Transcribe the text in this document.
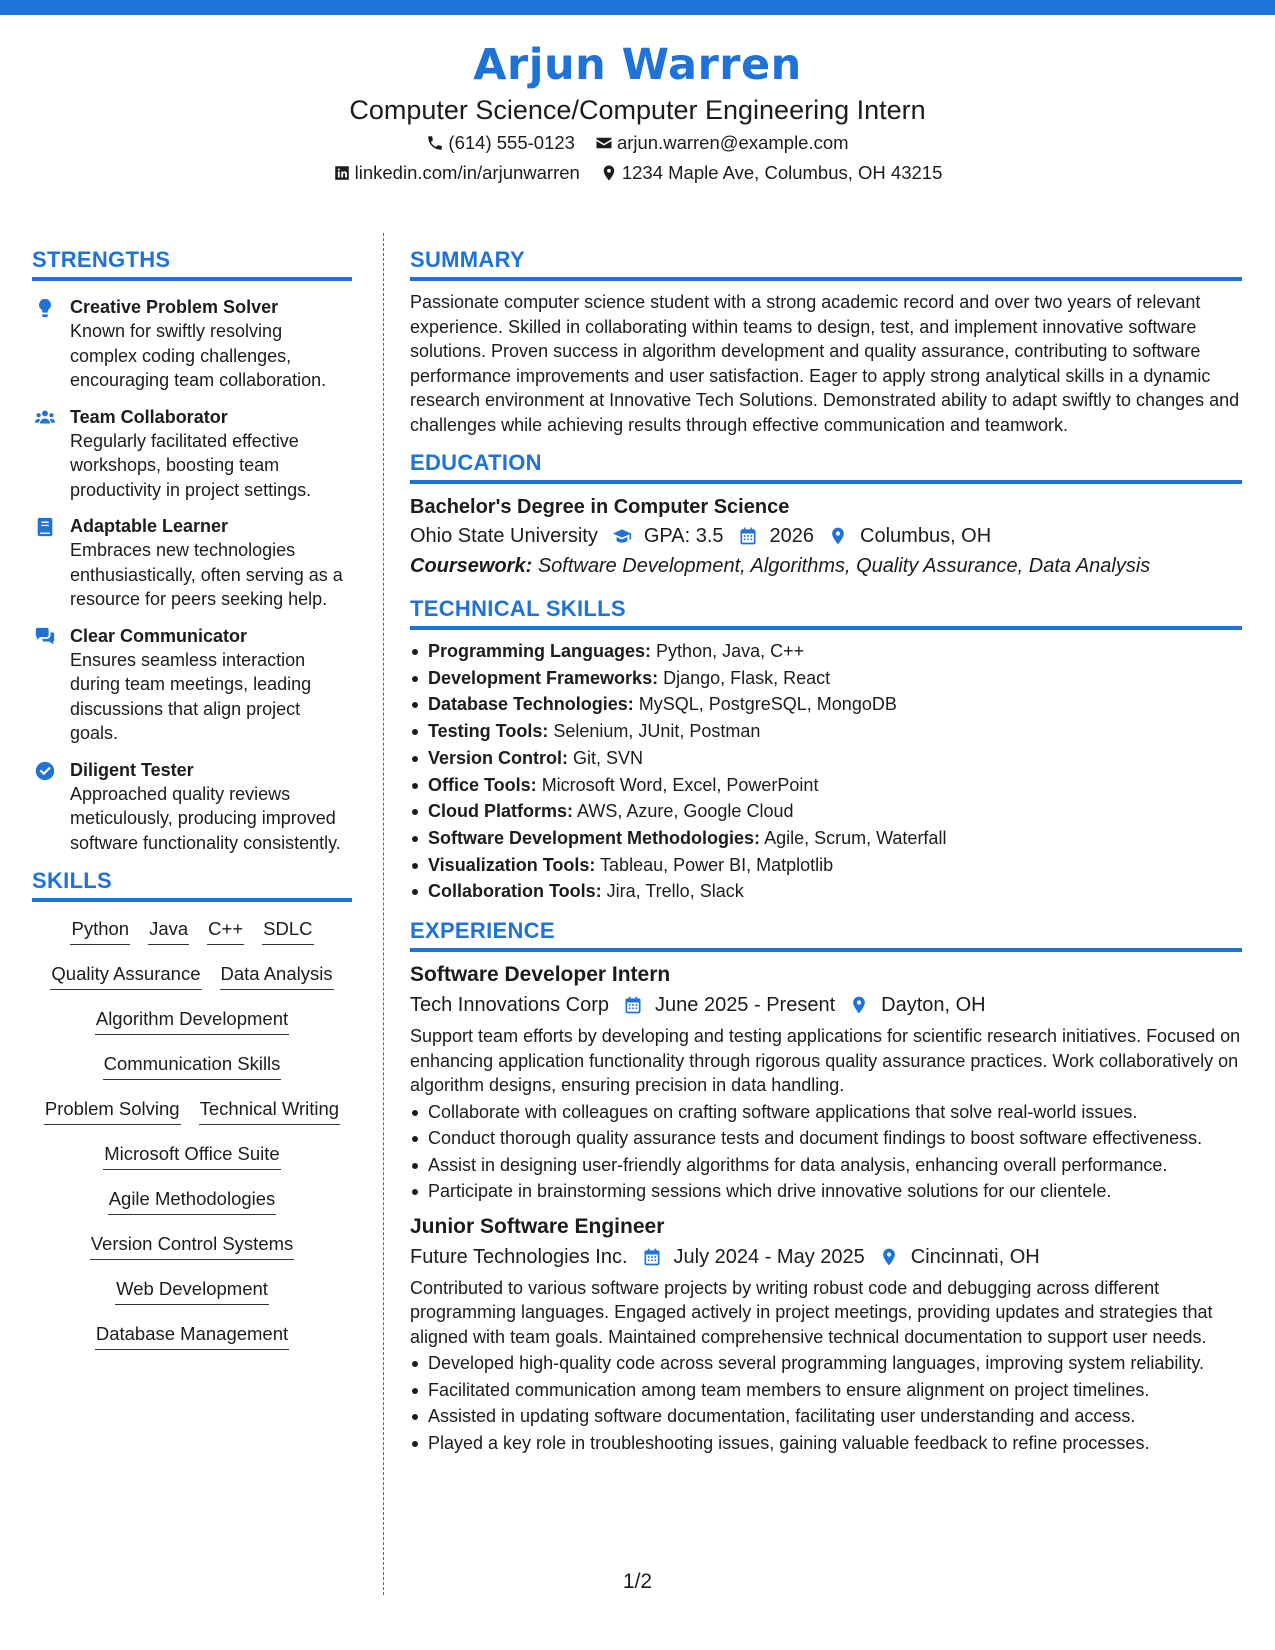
Arjun Warren
Computer Science/Computer Engineering Intern
(614) 555-0123 arjun.warren@example.com
linkedin.com/in/arjunwarren 1234 Maple Ave, Columbus, OH 43215
STRENGTHS
Creative Problem Solver
Known for swiftly resolving complex coding challenges, encouraging team collaboration.
Team Collaborator
Regularly facilitated effective workshops, boosting team productivity in project settings.
Adaptable Learner
Embraces new technologies enthusiastically, often serving as a resource for peers seeking help.
Clear Communicator
Ensures seamless interaction during team meetings, leading discussions that align project goals.
Diligent Tester
Approached quality reviews meticulously, producing improved software functionality consistently.
SKILLS
Python Java C++ SDLC
Quality Assurance Data Analysis
Algorithm Development
Communication Skills
Problem Solving Technical Writing
Microsoft Office Suite
Agile Methodologies
Version Control Systems
Web Development
Database Management
SUMMARY
Passionate computer science student with a strong academic record and over two years of relevant experience. Skilled in collaborating within teams to design, test, and implement innovative software solutions. Proven success in algorithm development and quality assurance, contributing to software performance improvements and user satisfaction. Eager to apply strong analytical skills in a dynamic research environment at Innovative Tech Solutions. Demonstrated ability to adapt swiftly to changes and challenges while achieving results through effective communication and teamwork.
EDUCATION
Bachelor's Degree in Computer Science
Ohio State University GPA: 3.5 2026 Columbus, OH
Coursework: Software Development, Algorithms, Quality Assurance, Data Analysis
TECHNICAL SKILLS
Programming Languages: Python, Java, C++
Development Frameworks: Django, Flask, React
Database Technologies: MySQL, PostgreSQL, MongoDB
Testing Tools: Selenium, JUnit, Postman
Version Control: Git, SVN
Office Tools: Microsoft Word, Excel, PowerPoint
Cloud Platforms: AWS, Azure, Google Cloud
Software Development Methodologies: Agile, Scrum, Waterfall
Visualization Tools: Tableau, Power BI, Matplotlib
Collaboration Tools: Jira, Trello, Slack
EXPERIENCE
Software Developer Intern
Tech Innovations Corp June 2025 - Present Dayton, OH
Support team efforts by developing and testing applications for scientific research initiatives. Focused on enhancing application functionality through rigorous quality assurance practices. Work collaboratively on algorithm designs, ensuring precision in data handling.
Collaborate with colleagues on crafting software applications that solve real-world issues.
Conduct thorough quality assurance tests and document findings to boost software effectiveness.
Assist in designing user-friendly algorithms for data analysis, enhancing overall performance.
Participate in brainstorming sessions which drive innovative solutions for our clientele.
Junior Software Engineer
Future Technologies Inc. July 2024 - May 2025 Cincinnati, OH
Contributed to various software projects by writing robust code and debugging across different programming languages. Engaged actively in project meetings, providing updates and strategies that aligned with team goals. Maintained comprehensive technical documentation to support user needs.
Developed high-quality code across several programming languages, improving system reliability.
Facilitated communication among team members to ensure alignment on project timelines.
Assisted in updating software documentation, facilitating user understanding and access.
Played a key role in troubleshooting issues, gaining valuable feedback to refine processes.
1/2
